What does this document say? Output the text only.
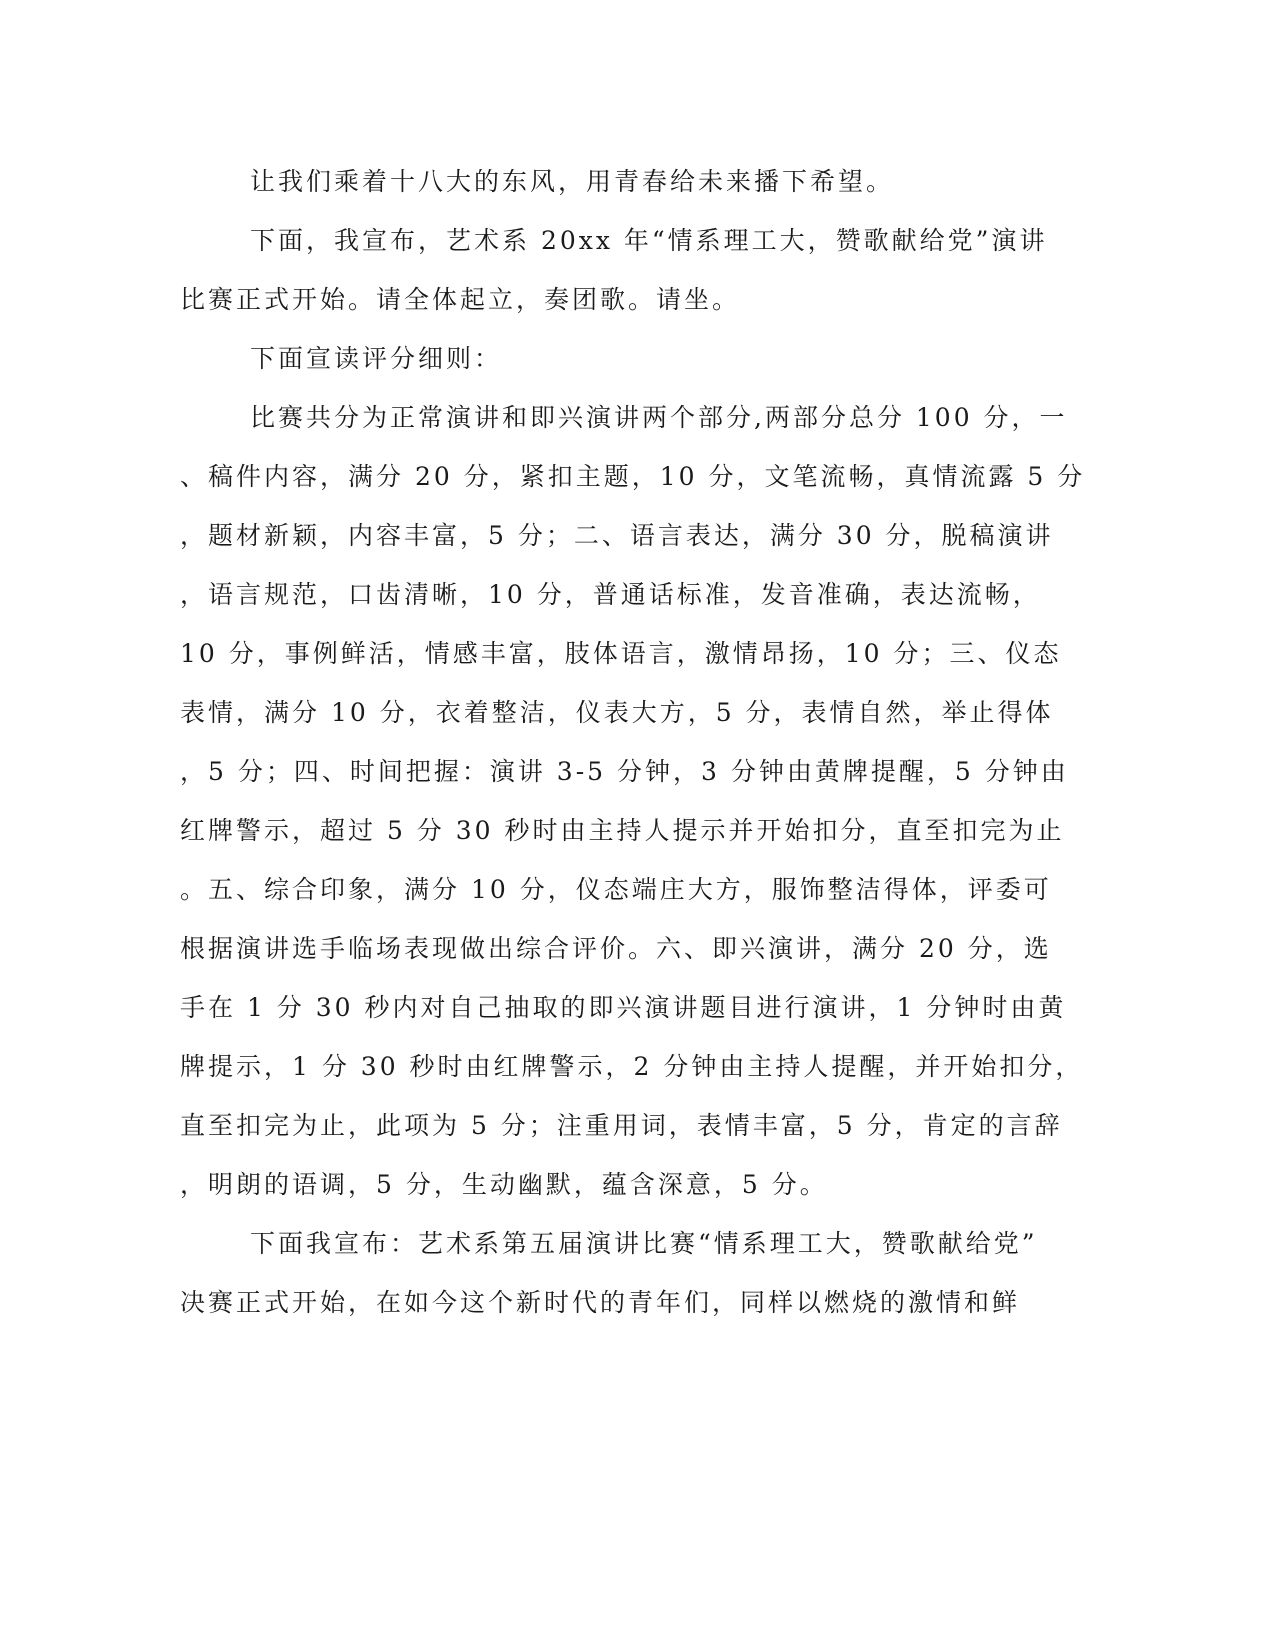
让我们乘着十八大的东风，用青春给未来播下希望。
下面，我宣布，艺术系 20xx 年“情系理工大，赞歌献给党”演讲
比赛正式开始。请全体起立，奏团歌。请坐。
下面宣读评分细则：
比赛共分为正常演讲和即兴演讲两个部分,两部分总分 100 分，一
、稿件内容，满分 20 分，紧扣主题，10 分，文笔流畅，真情流露 5 分
，题材新颖，内容丰富，5 分；二、语言表达，满分 30 分，脱稿演讲
，语言规范，口齿清晰，10 分，普通话标准，发音准确，表达流畅，
10 分，事例鲜活，情感丰富，肢体语言，激情昂扬，10 分；三、仪态
表情，满分 10 分，衣着整洁，仪表大方，5 分，表情自然，举止得体
，5 分；四、时间把握：演讲 3-5 分钟，3 分钟由黄牌提醒，5 分钟由
红牌警示，超过 5 分 30 秒时由主持人提示并开始扣分，直至扣完为止
。五、综合印象，满分 10 分，仪态端庄大方，服饰整洁得体，评委可
根据演讲选手临场表现做出综合评价。六、即兴演讲，满分 20 分，选
手在 1 分 30 秒内对自己抽取的即兴演讲题目进行演讲，1 分钟时由黄
牌提示，1 分 30 秒时由红牌警示，2 分钟由主持人提醒，并开始扣分，
直至扣完为止，此项为 5 分；注重用词，表情丰富，5 分，肯定的言辞
，明朗的语调，5 分，生动幽默，蕴含深意，5 分。
下面我宣布：艺术系第五届演讲比赛“情系理工大，赞歌献给党”
决赛正式开始，在如今这个新时代的青年们，同样以燃烧的激情和鲜
